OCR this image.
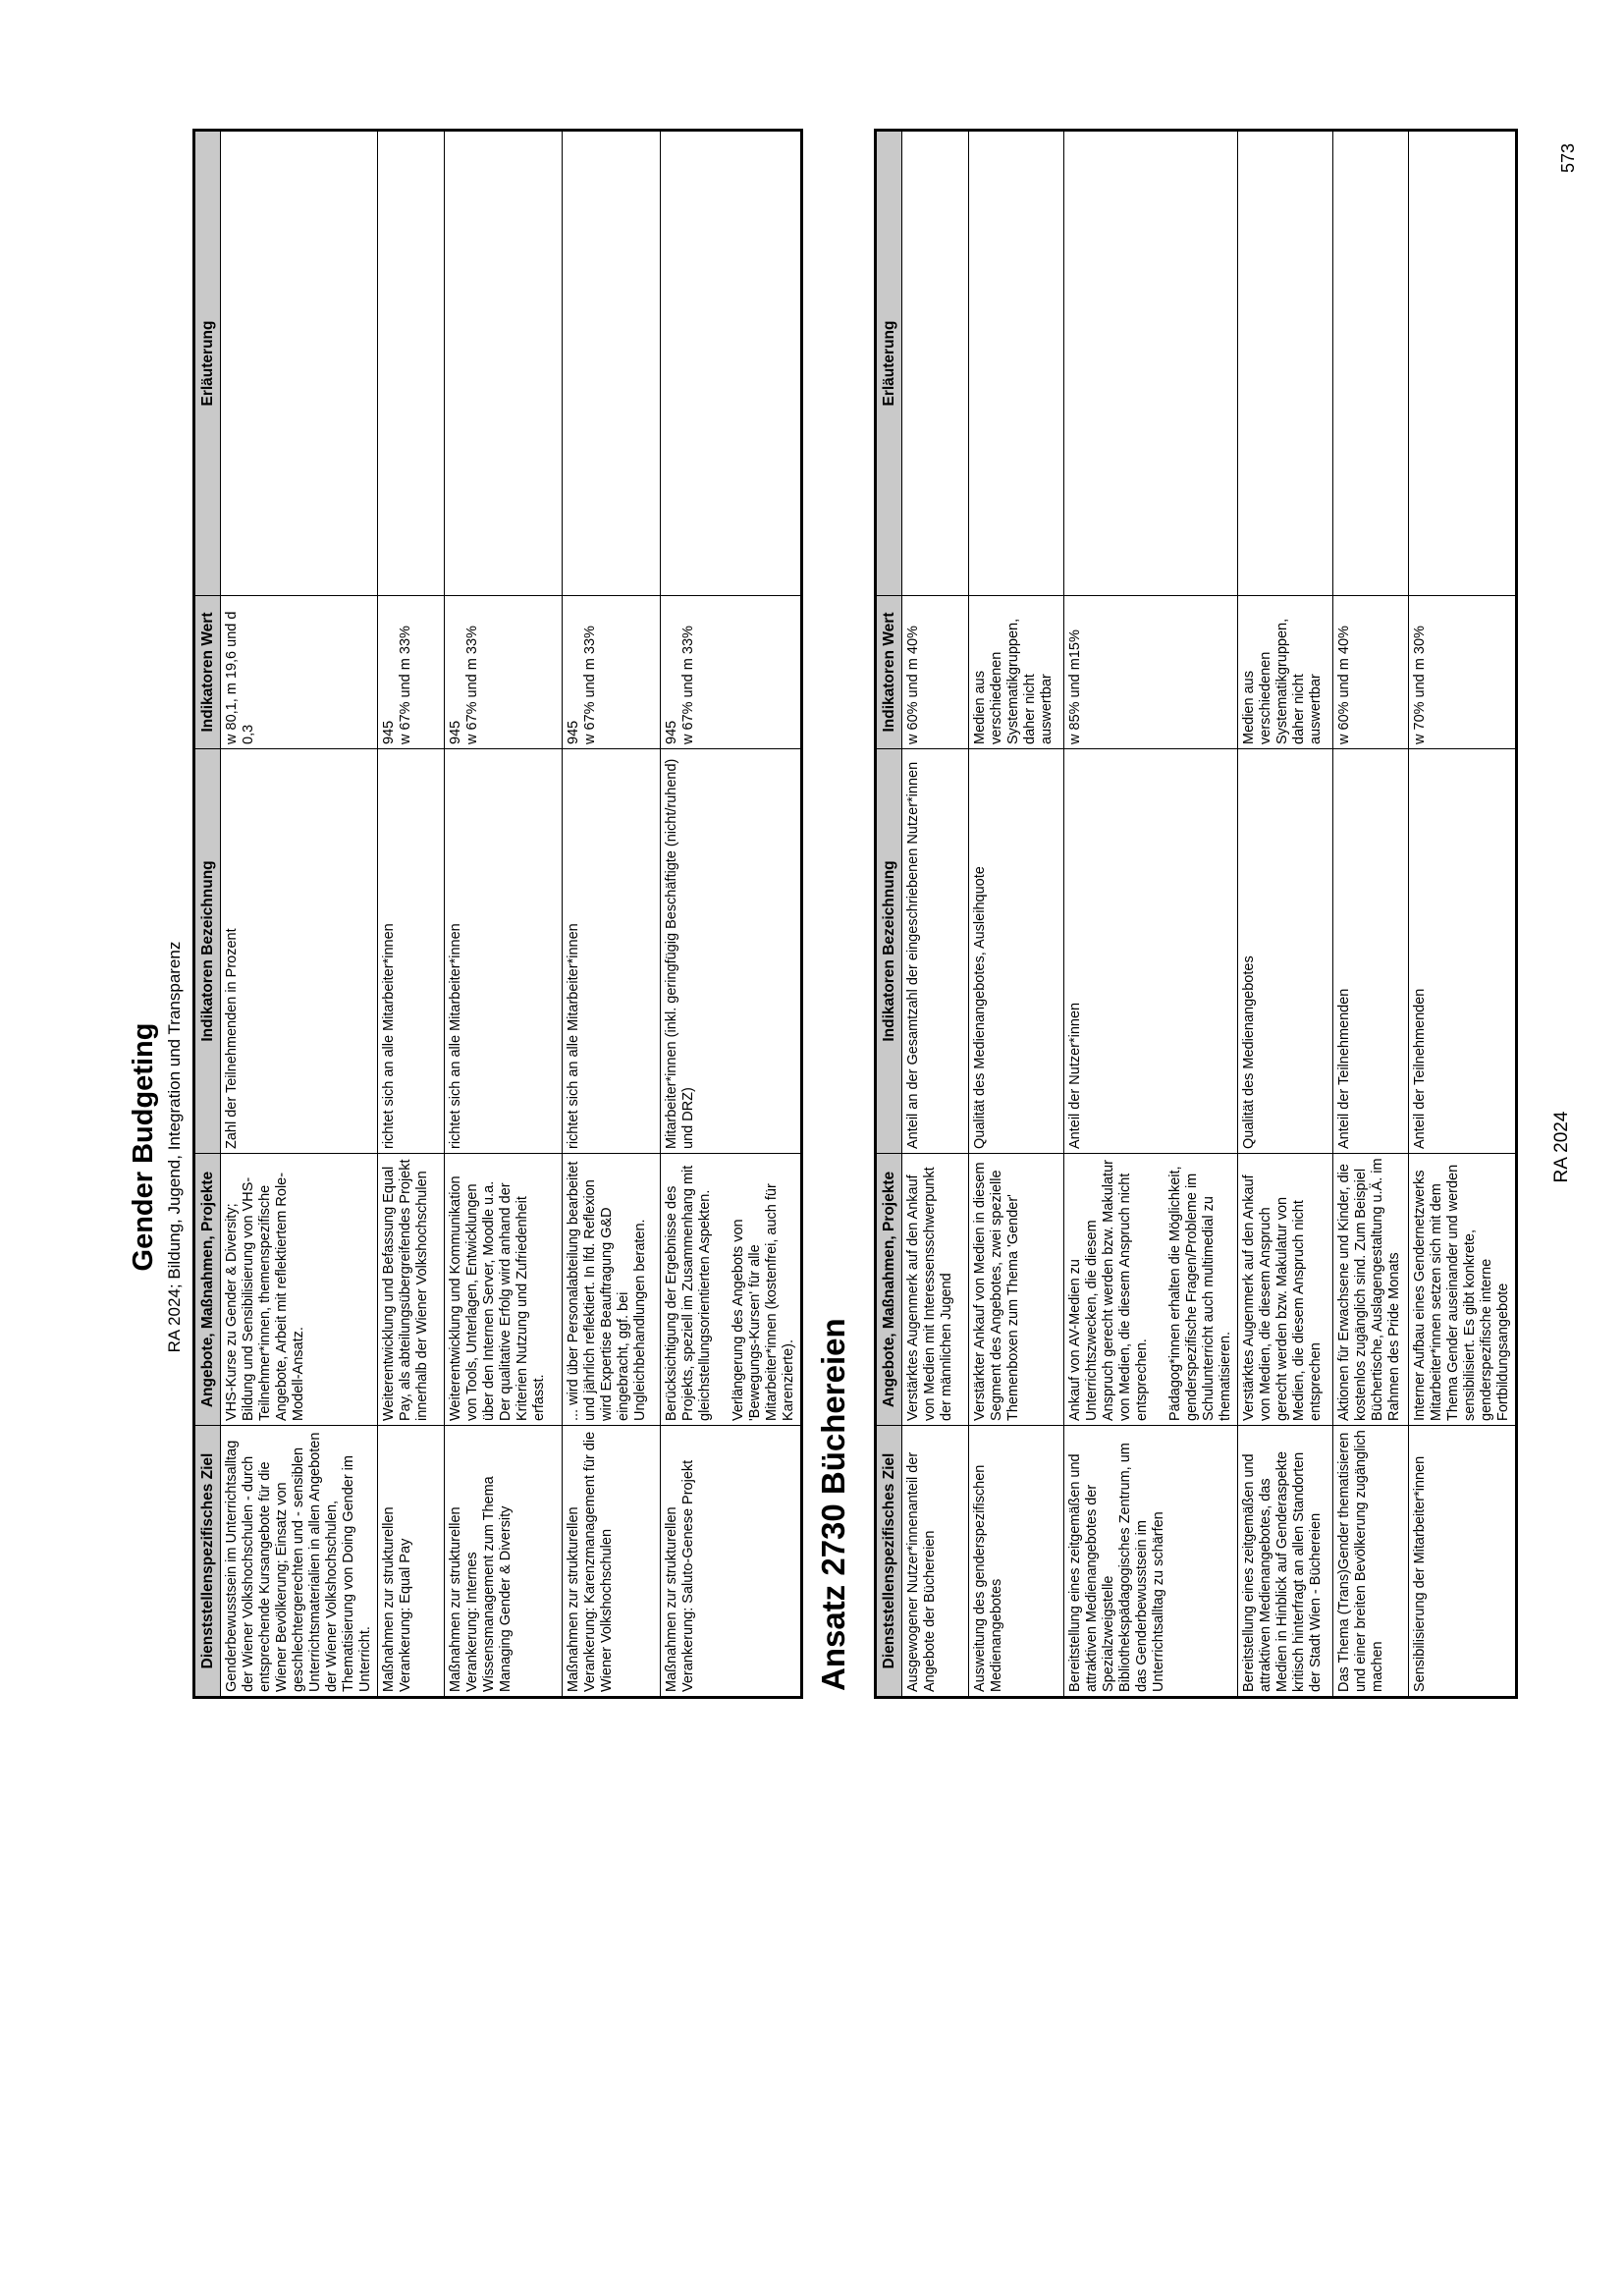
Gender Budgeting RA 2024; Bildung, Jugend, Integration und Transparenz
Dienststellenspezifisches Ziel	Angebote, Maßnahmen, Projekte	Indikatoren Bezeichnung	Indikatoren Wert	Erläuterung

Genderbewusstsein im Unterrichtsalltag der Wiener Volkshochschulen - durch entsprechende Kursangebote für die Wiener Bevölkerung; Einsatz von geschlechtergerechten und - sensiblen Unterrichtsmaterialien in allen Angeboten der Wiener Volkshochschulen, Thematisierung von Doing Gender im Unterricht.	VHS-Kurse zu Gender & Diversity; Bildung und Sensibilisierung von VHS-Teilnehmer*innen, themenspezifische Angebote, Arbeit mit reflektiertem Role-Modell-Ansatz.	Zahl der Teilnehmenden in Prozent	w 80,1, m 19,6 und d 0,3	

Maßnahmen zur strukturellen Verankerung: Equal Pay	Weiterentwicklung und Befassung Equal Pay, als abteilungsübergreifendes Projekt innerhalb der Wiener Volkshochschulen	richtet sich an alle Mitarbeiter*innen	945 w 67% und m 33%	

Maßnahmen zur strukturellen Verankerung: Internes Wissensmanagement zum Thema Managing Gender & Diversity	Weiterentwicklung und Kommunikation von Tools, Unterlagen, Entwicklungen über den Internen Server, Moodle u.a. Der qualitative Erfolg wird anhand der Kriterien Nutzung und Zufriedenheit erfasst.	richtet sich an alle Mitarbeiter*innen	945 w 67% und m 33%	

Maßnahmen zur strukturellen Verankerung: Karenzmanagement für die Wiener Volkshochschulen	... wird über Personalabteilung bearbeitet und jährlich reflektiert. In lfd. Reflexion wird Expertise Beauftragung G&D eingebracht, ggf. bei Ungleichbehandlungen beraten.	richtet sich an alle Mitarbeiter*innen	945 w 67% und m 33%	

Maßnahmen zur strukturellen Verankerung: Saluto-Genese Projekt	Berücksichtigung der Ergebnisse des Projekts, speziell im Zusammenhang mit gleichstellungsorientierten Aspekten. Verlängerung des Angebots von 'Bewegungs-Kursen' für alle Mitarbeiter*innen (kostenfrei, auch für Karenzierte).	Mitarbeiter*innen (inkl. geringfügig Beschäftigte (nicht/ruhend) und DRZ)	945 w 67% und m 33%	

Ansatz 2730 Büchereien Dienststellenspezifisches Ziel	Angebote, Maßnahmen, Projekte	Indikatoren Bezeichnung	Indikatoren Wert	Erläuterung

Ausgewogener Nutzer*innenanteil der Angebote der Büchereien	Verstärktes Augenmerk auf den Ankauf von Medien mit Interessensschwerpunkt der männlichen Jugend	Anteil an der Gesamtzahl der eingeschriebenen Nutzer*innen	w 60% und m 40%	

Ausweitung des genderspezifischen Medienangebotes	Verstärkter Ankauf von Medien in diesem Segment des Angebotes, zwei spezielle Themenboxen zum Thema 'Gender'	Qualität des Medienangebotes, Ausleihquote	Medien aus verschiedenen Systematikgruppen, daher nicht auswertbar	

Bereitstellung eines zeitgemäßen und attraktiven Medienangebotes der Spezialzweigstelle Bibliothekspädagogisches Zentrum, um das Genderbewusstsein im Unterrichtsalltag zu schärfen	Ankauf von AV-Medien zu Unterrichtszwecken, die diesem Anspruch gerecht werden bzw. Makulatur von Medien, die diesem Anspruch nicht entsprechen. Pädagog*innen erhalten die Möglichkeit, genderspezifische Fragen/Probleme im Schulunterricht auch multimedial zu thematisieren.	Anteil der Nutzer*innen	w 85% und m15%	

Bereitstellung eines zeitgemäßen und attraktiven Medienangebotes, das Medien in Hinblick auf Genderaspekte kritisch hinterfragt an allen Standorten der Stadt Wien - Büchereien	Verstärktes Augenmerk auf den Ankauf von Medien, die diesem Anspruch gerecht werden bzw. Makulatur von Medien, die diesem Anspruch nicht entsprechen	Qualität des Medienangebotes	Medien aus verschiedenen Systematikgruppen, daher nicht auswertbar	

Das Thema (Trans)Gender thematisieren und einer breiten Bevölkerung zugänglich machen	Aktionen für Erwachsene und Kinder, die kostenlos zugänglich sind. Zum Beispiel Büchertische, Auslagengestaltung u.Ä. im Rahmen des Pride Monats	Anteil der Teilnehmenden	w 60% und m 40%	

Sensibilisierung der Mitarbeiter*innen	Interner Aufbau eines Gendernetzwerks Mitarbeiter*innen setzen sich mit dem Thema Gender auseinander und werden sensibilisiert. Es gibt konkrete, genderspezifische interne Fortbildungsangebote	Anteil der Teilnehmenden	w 70% und m 30%	

RA 2024
573
